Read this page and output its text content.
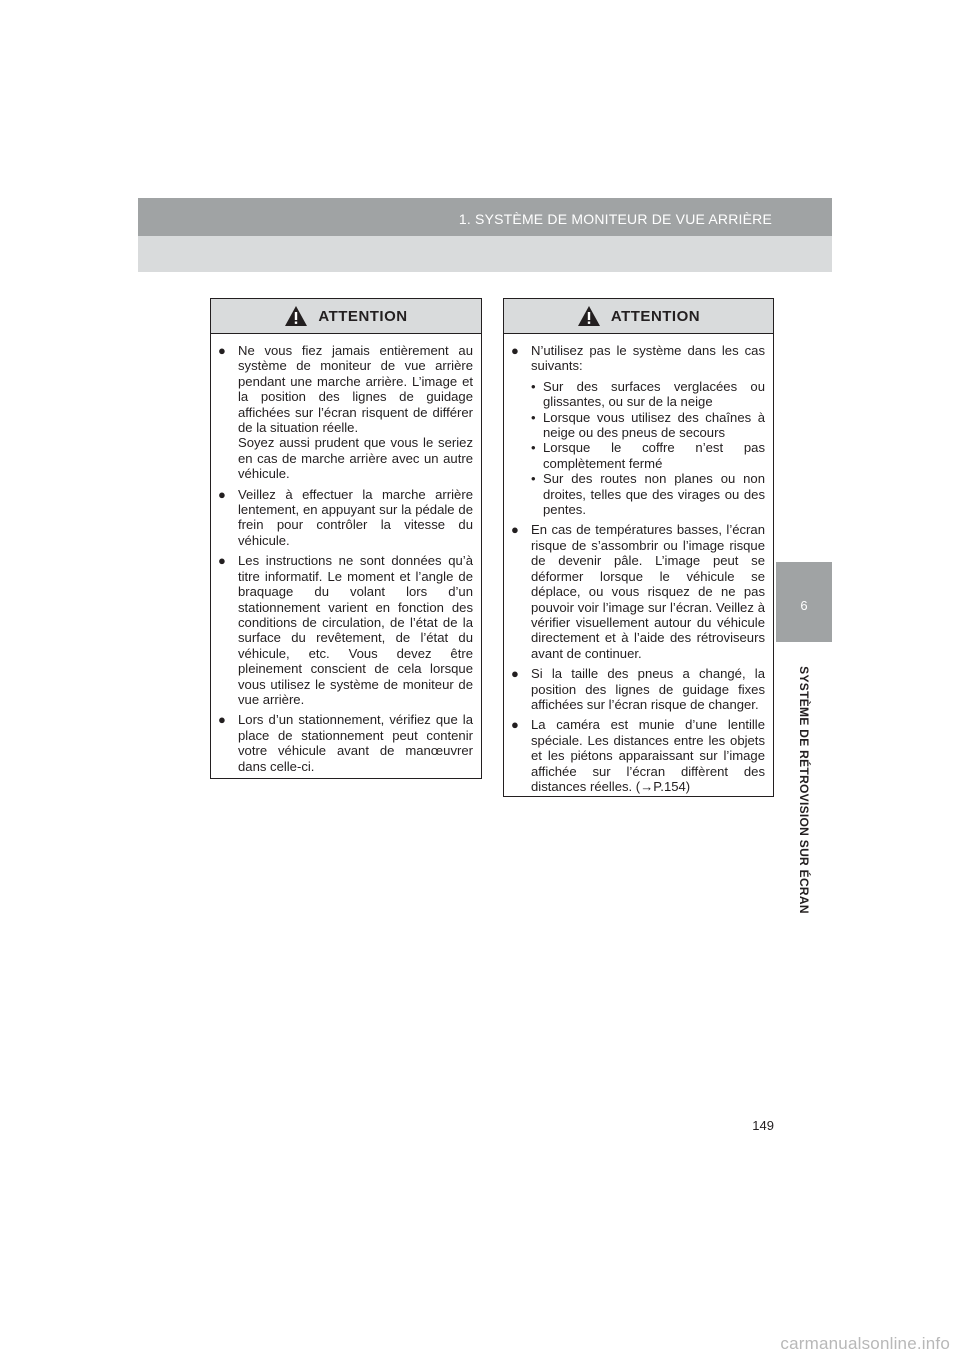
1. SYSTÈME DE MONITEUR DE VUE ARRIÈRE
6
SYSTÈME DE RÉTROVISION SUR ÉCRAN
ATTENTION
● Ne vous fiez jamais entièrement au système de moniteur de vue arrière pendant une marche arrière. L’image et la position des lignes de guidage affichées sur l’écran risquent de différer de la situation réelle.

Soyez aussi prudent que vous le seriez en cas de marche arrière avec un autre véhicule.

● Veillez à effectuer la marche arrière lentement, en appuyant sur la pédale de frein pour contrôler la vitesse du véhicule.

● Les instructions ne sont données qu’à titre informatif. Le moment et l’angle de braquage du volant lors d’un stationnement varient en fonction des conditions de circulation, de l’état de la surface du revêtement, de l’état du véhicule, etc. Vous devez être pleinement conscient de cela lorsque vous utilisez le système de moniteur de vue arrière.

● Lors d’un stationnement, vérifiez que la place de stationnement peut contenir votre véhicule avant de manœuvrer dans celle-ci.

ATTENTION
● N’utilisez pas le système dans les cas suivants:

• Sur des surfaces verglacées ou glissantes, ou sur de la neige
• Lorsque vous utilisez des chaînes à neige ou des pneus de secours
• Lorsque le coffre n’est pas complètement fermé
• Sur des routes non planes ou non droites, telles que des virages ou des pentes.
● En cas de températures basses, l’écran risque de s’assombrir ou l’image risque de devenir pâle. L’image peut se déformer lorsque le véhicule se déplace, ou vous risquez de ne pas pouvoir voir l’image sur l’écran. Veillez à vérifier visuellement autour du véhicule directement et à l’aide des rétroviseurs avant de continuer.

● Si la taille des pneus a changé, la position des lignes de guidage fixes affichées sur l’écran risque de changer.

● La caméra est munie d’une lentille spéciale. Les distances entre les objets et les piétons apparaissant sur l’image affichée sur l’écran diffèrent des distances réelles. (→P.154)

149
carmanualsonline.info
